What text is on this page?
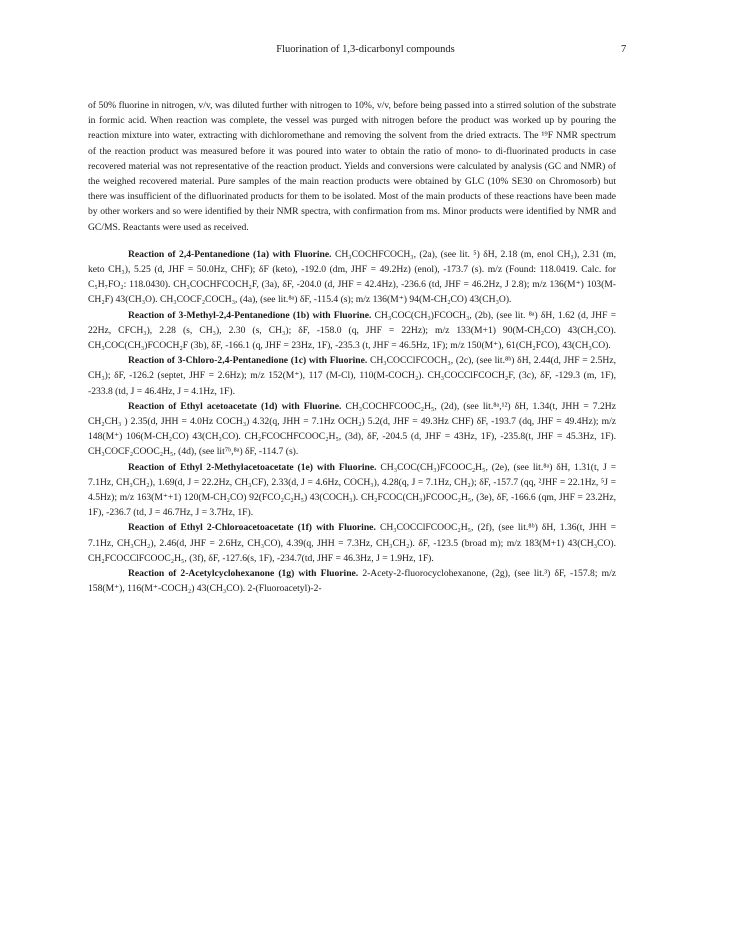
Fluorination of 1,3-dicarbonyl compounds	7

of 50% fluorine in nitrogen, v/v, was diluted further with nitrogen to 10%, v/v, before being passed into a stirred solution of the substrate in formic acid. When reaction was complete, the vessel was purged with nitrogen before the product was worked up by pouring the reaction mixture into water, extracting with dichloromethane and removing the solvent from the dried extracts. The ¹⁹F NMR spectrum of the reaction product was measured before it was poured into water to obtain the ratio of mono- to di-fluorinated products in case recovered material was not representative of the reaction product. Yields and conversions were calculated by analysis (GC and NMR) of the weighed recovered material. Pure samples of the main reaction products were obtained by GLC (10% SE30 on Chromosorb) but there was insufficient of the difluorinated products for them to be isolated. Most of the main products of these reactions have been made by other workers and so were identified by their NMR spectra, with confirmation from ms. Minor products were identified by NMR and GC/MS. Reactants were used as received.

Reaction of 2,4-Pentanedione (1a) with Fluorine. CH₃COCHFCOCH₃, (2a), (see lit. ⁵) δH, 2.18 (m, enol CH₃), 2.31 (m, keto CH₃), 5.25 (d, JHF = 50.0Hz, CHF); δF (keto), -192.0 (dm, JHF = 49.2Hz) (enol), -173.7 (s). m/z (Found: 118.0419. Calc. for C₅H₇FO₂: 118.0430). CH₃COCHFCOCH₂F, (3a), δF, -204.0 (d, JHF = 42.4Hz), -236.6 (td, JHF = 46.2Hz, J 2.8); m/z 136(M⁺) 103(M-CH₂F) 43(CH₃O). CH₃COCF₂COCH₃, (4a), (see lit.⁸ᵃ) δF, -115.4 (s); m/z 136(M⁺) 94(M-CH₂CO) 43(CH₃O).

Reaction of 3-Methyl-2,4-Pentanedione (1b) with Fluorine. CH₃COC(CH₃)FCOCH₃, (2b), (see lit. ⁸ᵃ) δH, 1.62 (d, JHF = 22Hz, CFCH₃), 2.28 (s, CH₃), 2.30 (s, CH₃); δF, -158.0 (q, JHF = 22Hz); m/z 133(M+1) 90(M-CH₂CO) 43(CH₃CO). CH₃COC(CH₃)FCOCH₂F (3b), δF, -166.1 (q, JHF = 23Hz, 1F), -235.3 (t, JHF = 46.5Hz, 1F); m/z 150(M⁺), 61(CH₂FCO), 43(CH₃CO).

Reaction of 3-Chloro-2,4-Pentanedione (1c) with Fluorine. CH₃COCClFCOCH₃, (2c), (see lit.⁸ᵇ) δH, 2.44(d, JHF = 2.5Hz, CH₃); δF, -126.2 (septet, JHF = 2.6Hz); m/z 152(M⁺), 117 (M-Cl), 110(M-COCH₂). CH₃COCClFCOCH₂F, (3c), δF, -129.3 (m, 1F), -233.8 (td, J = 46.4Hz, J = 4.1Hz, 1F).

Reaction of Ethyl acetoacetate (1d) with Fluorine. CH₃COCHFCOOC₂H₅, (2d), (see lit.⁸ᵃ,¹²) δH, 1.34(t, JHH = 7.2Hz CH₂CH₃ ) 2.35(d, JHH = 4.0Hz COCH₃) 4.32(q, JHH = 7.1Hz OCH₂) 5.2(d, JHF = 49.3Hz CHF) δF, -193.7 (dq, JHF = 49.4Hz); m/z 148(M⁺) 106(M-CH₂CO) 43(CH₃CO). CH₂FCOCHFCOOC₂H₅, (3d), δF, -204.5 (d, JHF = 43Hz, 1F), -235.8(t, JHF = 45.3Hz, 1F). CH₃COCF₂COOC₂H₅, (4d), (see lit⁷ᵇ,⁸ᵃ) δF, -114.7 (s).

Reaction of Ethyl 2-Methylacetoacetate (1e) with Fluorine. CH₃COC(CH₃)FCOOC₂H₅, (2e), (see lit.⁸ᵃ) δH, 1.31(t, J = 7.1Hz, CH₃CH₂), 1.69(d, J = 22.2Hz, CH₃CF), 2.33(d, J = 4.6Hz, COCH₃), 4.28(q, J = 7.1Hz, CH₂); δF, -157.7 (qq, ²JHF = 22.1Hz, ⁵J = 4.5Hz); m/z 163(M⁺+1) 120(M-CH₂CO) 92(FCO₂C₂H₅) 43(COCH₃). CH₂FCOC(CH₃)FCOOC₂H₅, (3e), δF, -166.6 (qm, JHF = 23.2Hz, 1F), -236.7 (td, J = 46.7Hz, J = 3.7Hz, 1F).

Reaction of Ethyl 2-Chloroacetoacetate (1f) with Fluorine. CH₃COCClFCOOC₂H₅, (2f), (see lit.⁸ᵇ) δH, 1.36(t, JHH = 7.1Hz, CH₃CH₂), 2.46(d, JHF = 2.6Hz, CH₃CO), 4.39(q, JHH = 7.3Hz, CH₃CH₂). δF, -123.5 (broad m); m/z 183(M+1) 43(CH₃CO). CH₂FCOCClFCOOC₂H₅, (3f), δF, -127.6(s, 1F), -234.7(td, JHF = 46.3Hz, J = 1.9Hz, 1F).

Reaction of 2-Acetylcyclohexanone (1g) with Fluorine. 2-Acety-2-fluorocyclohexanone, (2g), (see lit.³) δF, -157.8; m/z 158(M⁺), 116(M⁺-COCH₂) 43(CH₃CO). 2-(Fluoroacetyl)-2-
